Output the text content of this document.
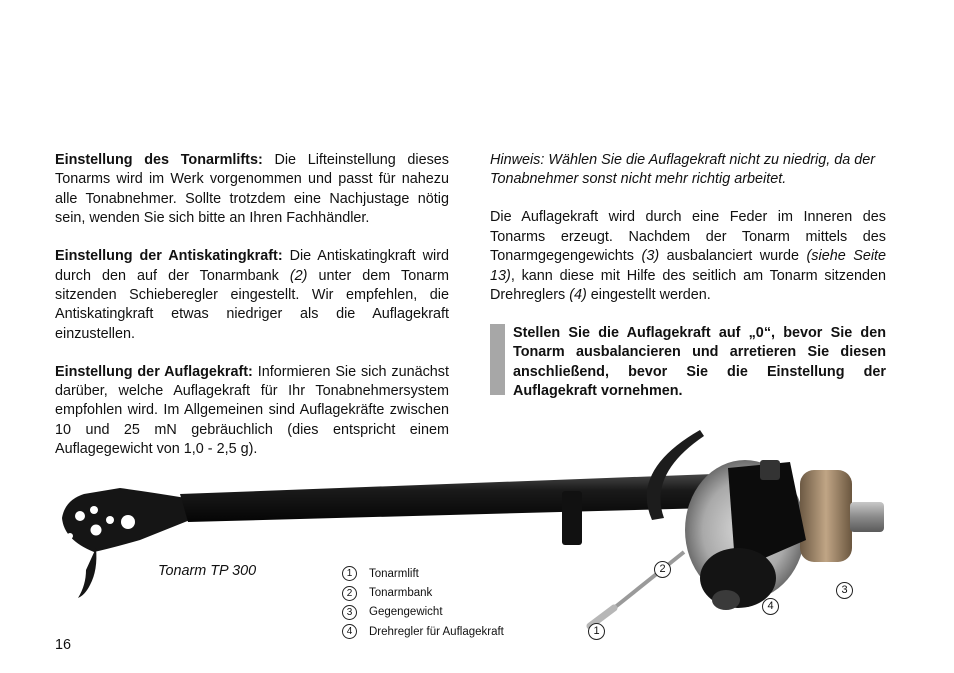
Einstellung des Tonarmlifts: Die Lifteinstellung dieses Tonarms wird im Werk vorgenommen und passt für nahezu alle Tonabnehmer. Sollte trotzdem eine Nachjustage nötig sein, wenden Sie sich bitte an Ihren Fachhändler.

Einstellung der Antiskatingkraft: Die Antiskatingkraft wird durch den auf der Tonarmbank (2) unter dem Tonarm sitzenden Schieberegler eingestellt. Wir empfehlen, die Antiskatingkraft etwas niedriger als die Auflagekraft einzustellen.

Einstellung der Auflagekraft: Informieren Sie sich zunächst darüber, welche Auflagekraft für Ihr Tonabnehmersystem empfohlen wird. Im Allgemeinen sind Auflagekräfte zwischen 10 und 25 mN gebräuchlich (dies entspricht einem Auflagegewicht von 1,0 - 2,5 g).

Hinweis: Wählen Sie die Auflagekraft nicht zu niedrig, da der Tonabnehmer sonst nicht mehr richtig arbeitet.

Die Auflagekraft wird durch eine Feder im Inneren des Tonarms erzeugt. Nachdem der Tonarm mittels des Tonarmgegengewichts (3) ausbalanciert wurde (siehe Seite 13), kann diese mit Hilfe des seitlich am Tonarm sitzenden Drehreglers (4) eingestellt werden.

Stellen Sie die Auflagekraft auf „0“, bevor Sie den Tonarm ausbalancieren und arretieren Sie diesen anschließend, bevor Sie die Einstellung der Auflagekraft vornehmen.
2
3
4
1
Tonarm TP 300	1	Tonarmlift
2	Tonarmbank
3	Gegengewicht
4	Drehregler für Auflagekraft
16
